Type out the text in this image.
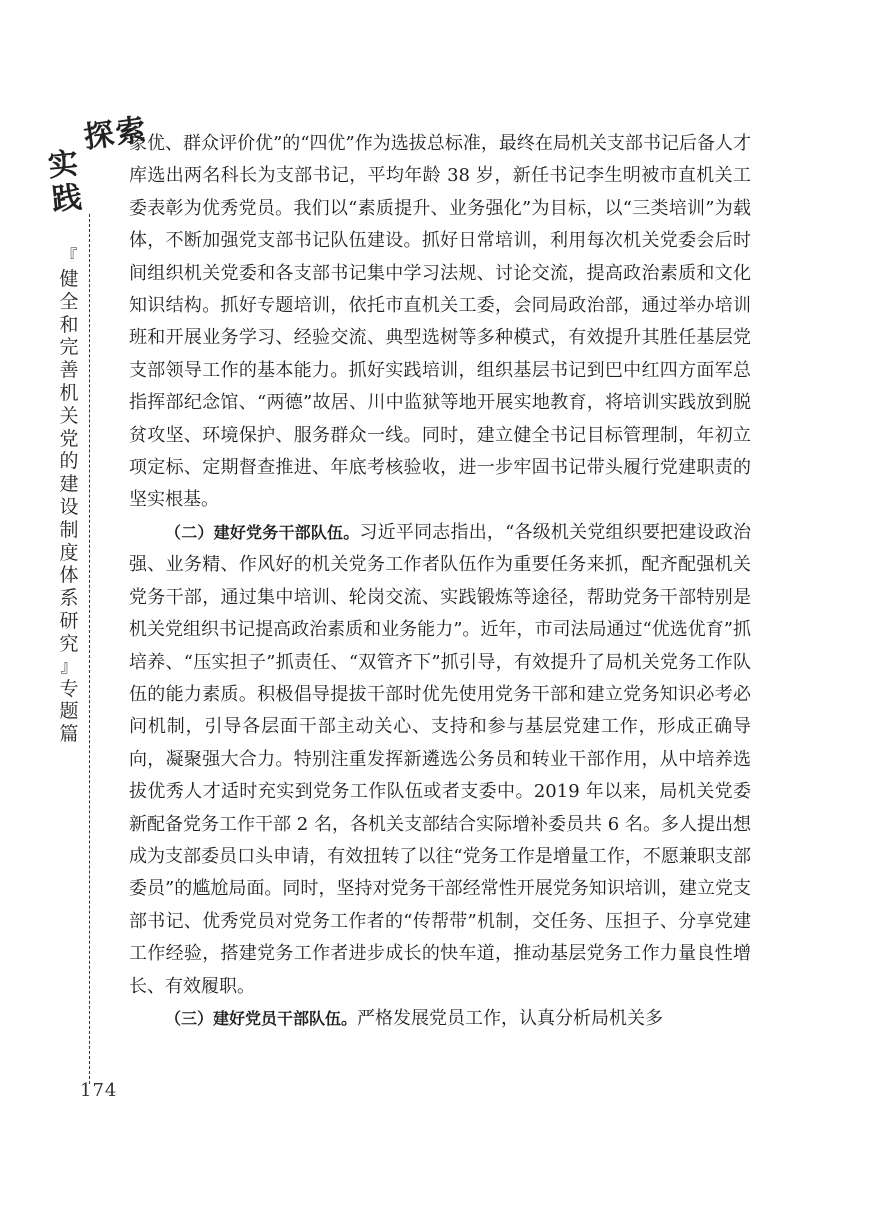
探索
实
践
『
健
全
和
完
善
机
关
党
的
建
设
制
度
体
系
研
究
』
专
题
篇
174

象优、群众评价优”的“四优”作为选拔总标准，最终在局机关支部书记后备人才库选出两名科长为支部书记，平均年龄 38 岁，新任书记李生明被市直机关工委表彰为优秀党员。我们以“素质提升、业务强化”为目标，以“三类培训”为载体，不断加强党支部书记队伍建设。抓好日常培训，利用每次机关党委会后时间组织机关党委和各支部书记集中学习法规、讨论交流，提高政治素质和文化知识结构。抓好专题培训，依托市直机关工委，会同局政治部，通过举办培训班和开展业务学习、经验交流、典型选树等多种模式，有效提升其胜任基层党支部领导工作的基本能力。抓好实践培训，组织基层书记到巴中红四方面军总指挥部纪念馆、“两德”故居、川中监狱等地开展实地教育，将培训实践放到脱贫攻坚、环境保护、服务群众一线。同时，建立健全书记目标管理制，年初立项定标、定期督查推进、年底考核验收，进一步牢固书记带头履行党建职责的坚实根基。

（二）建好党务干部队伍。习近平同志指出，“各级机关党组织要把建设政治强、业务精、作风好的机关党务工作者队伍作为重要任务来抓，配齐配强机关党务干部，通过集中培训、轮岗交流、实践锻炼等途径，帮助党务干部特别是机关党组织书记提高政治素质和业务能力”。近年，市司法局通过“优选优育”抓培养、“压实担子”抓责任、“双管齐下”抓引导，有效提升了局机关党务工作队伍的能力素质。积极倡导提拔干部时优先使用党务干部和建立党务知识必考必问机制，引导各层面干部主动关心、支持和参与基层党建工作，形成正确导向，凝聚强大合力。特别注重发挥新遴选公务员和转业干部作用，从中培养选拔优秀人才适时充实到党务工作队伍或者支委中。2019 年以来，局机关党委新配备党务工作干部 2 名，各机关支部结合实际增补委员共 6 名。多人提出想成为支部委员口头申请，有效扭转了以往“党务工作是增量工作，不愿兼职支部委员”的尴尬局面。同时，坚持对党务干部经常性开展党务知识培训，建立党支部书记、优秀党员对党务工作者的“传帮带”机制，交任务、压担子、分享党建工作经验，搭建党务工作者进步成长的快车道，推动基层党务工作力量良性增长、有效履职。

（三）建好党员干部队伍。严格发展党员工作，认真分析局机关多
